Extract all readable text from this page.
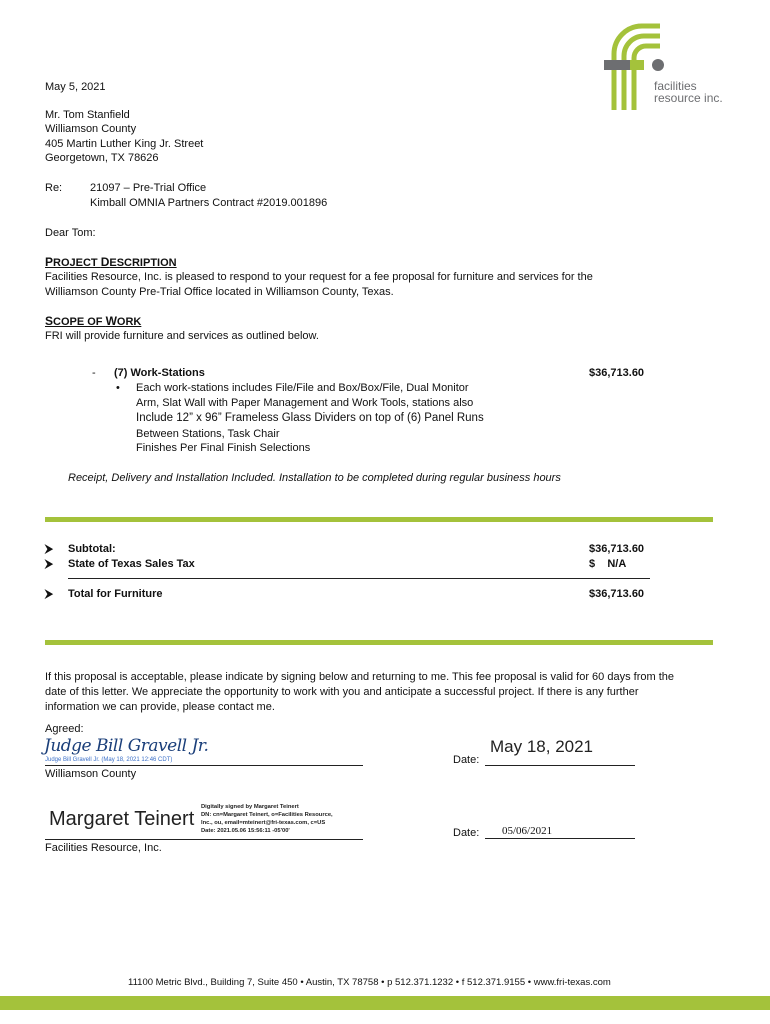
facilities
resource inc.
May 5, 2021
Mr. Tom Stanfield
Williamson County
405 Martin Luther King Jr. Street
Georgetown, TX 78626
Re:	21097 – Pre-Trial Office
Kimball OMNIA Partners Contract #2019.001896
Dear Tom:
PROJECT DESCRIPTION
Facilities Resource, Inc. is pleased to respond to your request for a fee proposal for furniture and services for the
Williamson County Pre-Trial Office located in Williamson County, Texas.
SCOPE OF WORK
FRI will provide furniture and services as outlined below.
- (7) Work-Stations	$36,713.60
• Each work-stations includes File/File and Box/Box/File, Dual Monitor
Arm, Slat Wall with Paper Management and Work Tools, stations also
Include 12” x 96” Frameless Glass Dividers on top of (6) Panel Runs
Between Stations, Task Chair
Finishes Per Final Finish Selections
Receipt, Delivery and Installation Included. Installation to be completed during regular business hours
⮞ Subtotal:	$36,713.60
⮞ State of Texas Sales Tax	$    N/A
⮞ Total for Furniture	$36,713.60
If this proposal is acceptable, please indicate by signing below and returning to me. This fee proposal is valid for 60 days from the
date of this letter. We appreciate the opportunity to work with you and anticipate a successful project. If there is any further
information we can provide, please contact me.
Agreed:
Judge Bill Gravell Jr.
Judge Bill Gravell Jr. (May 18, 2021 12:46 CDT)
Williamson County
Date:
May 18, 2021
Margaret Teinert
Digitally signed by Margaret Teinert
DN: cn=Margaret Teinert, o=Facilities Resource,
Inc., ou, email=mteinert@fri-texas.com, c=US
Date: 2021.05.06 15:56:11 -05'00'
Facilities Resource, Inc.
Date: 05/06/2021
11100 Metric Blvd., Building 7, Suite 450 • Austin, TX 78758 • p 512.371.1232 • f 512.371.9155 • www.fri-texas.com
